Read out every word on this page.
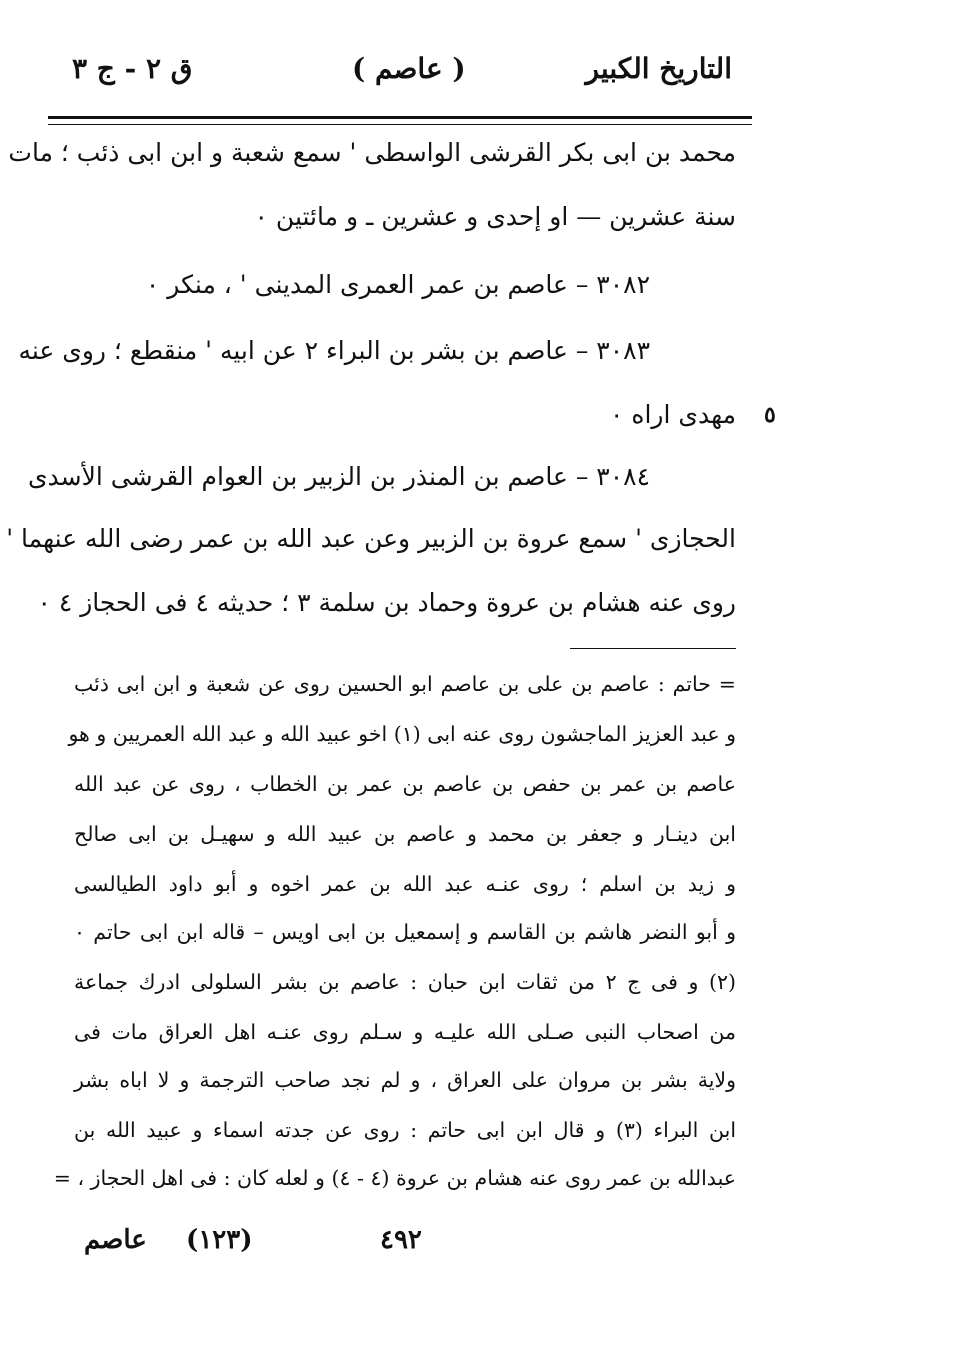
التاريخ الكبير
( عاصم )
ق ٢ - ج ٣
محمد بن ابى بكر القرشى الواسطى ' سمع شعبة و ابن ابى ذئب ؛ مات
سنة عشرين — او إحدى و عشرين ـ و مائتين ٠
٣٠٨٢ – عاصم بن عمر العمرى المدينى ' ، منكر ٠
٣٠٨٣ – عاصم بن بشر بن البراء ٢ عن ابيه ' منقطع ؛ روى عنه
مهدى اراه ٠
٣٠٨٤ – عاصم بن المنذر بن الزبير بن العوام القرشى الأسدى
الحجازى ' سمع عروة بن الزبير وعن عبد الله بن عمر رضى الله عنهما '
روى عنه هشام بن عروة وحماد بن سلمة ٣ ؛ حديثه ٤ فى الحجاز ٤ ٠
٥
= حاتم : عاصم بن على بن عاصم ابو الحسين روى عن شعبة و ابن ابى ذئب
و عبد العزيز الماجشون روى عنه ابى (١) اخو عبيد الله و عبد الله العمريين و هو
عاصم بن عمر بن حفص بن عاصم بن عمر بن الخطاب ، روى عن عبد الله
ابن دينـار و جعفر بن محمد و عاصم بن عبيد الله و سهيـل بن ابى صالح
و زيد بن اسلم ؛ روى عنـه عبد الله بن عمر اخوه و أبو داود الطيالسى
و أبو النضر هاشم بن القاسم و إسمعيل بن ابى اويس – قاله ابن ابى حاتم ٠
(٢) و فى ج ٢ من ثقات ابن حبان : عاصم بن بشر السلولى ادرك جماعة
من اصحاب النبى صـلى الله عليـه و سـلم روى عنـه اهل العراق مات فى
ولاية بشر بن مروان على العراق ، و لم نجد صاحب الترجمة و لا اباه بشر
ابن البراء (٣) و قال ابن ابى حاتم : روى عن جدته اسماء و عبيد الله بن
عبدالله بن عمر روى عنه هشام بن عروة (٤ - ٤) و لعله كان : فى اهل الحجاز ، =
٤٩٢
(١٢٣)
عاصم
